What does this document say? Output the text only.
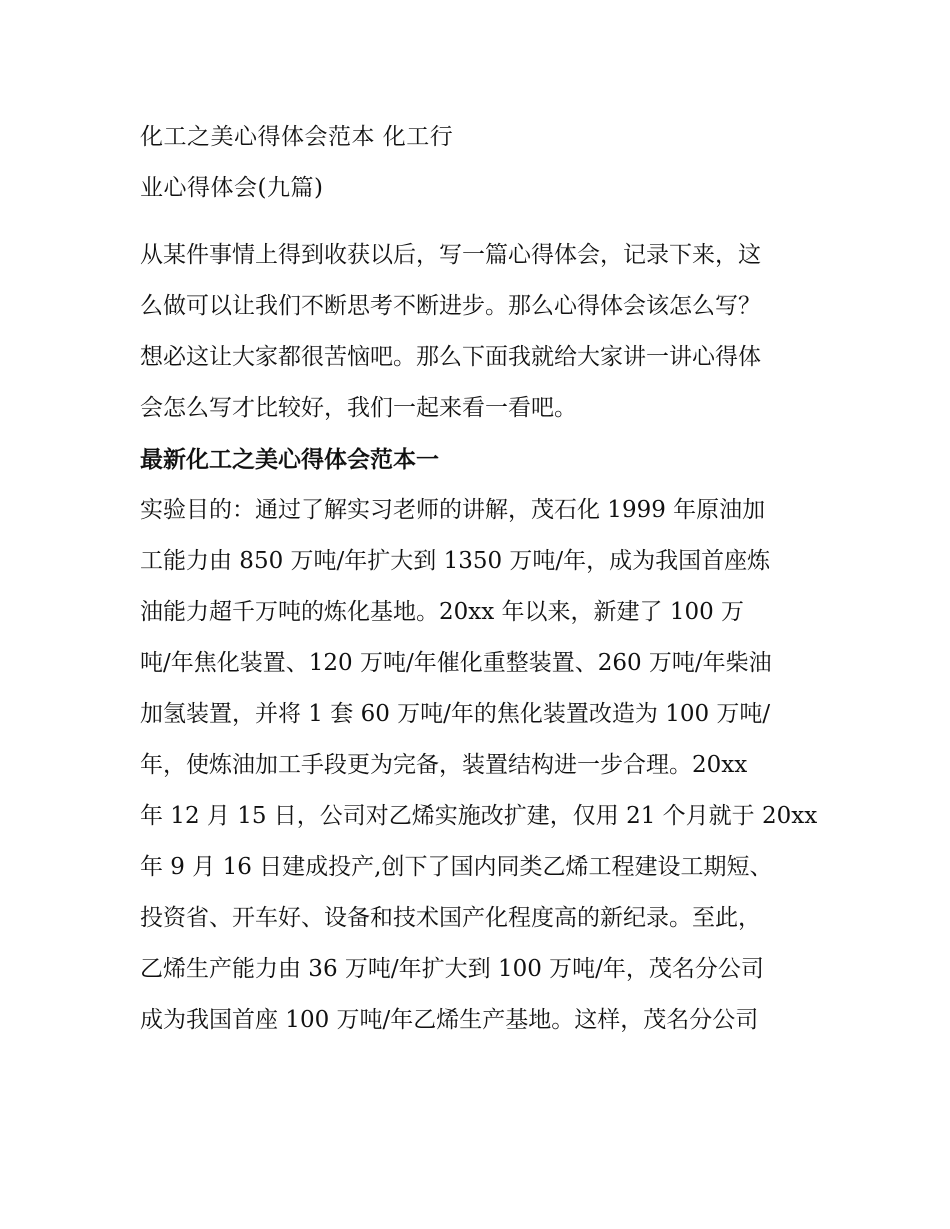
化工之美心得体会范本 化工行
业心得体会(九篇)

从某件事情上得到收获以后，写一篇心得体会，记录下来，这
么做可以让我们不断思考不断进步。那么心得体会该怎么写？
想必这让大家都很苦恼吧。那么下面我就给大家讲一讲心得体
会怎么写才比较好，我们一起来看一看吧。

最新化工之美心得体会范本一

实验目的：通过了解实习老师的讲解，茂石化 1999 年原油加
工能力由 850 万吨/年扩大到 1350 万吨/年，成为我国首座炼
油能力超千万吨的炼化基地。20xx 年以来，新建了 100 万
吨/年焦化装置、120 万吨/年催化重整装置、260 万吨/年柴油
加氢装置，并将 1 套 60 万吨/年的焦化装置改造为 100 万吨/
年，使炼油加工手段更为完备，装置结构进一步合理。20xx
年 12 月 15 日，公司对乙烯实施改扩建，仅用 21 个月就于 20xx
年 9 月 16 日建成投产,创下了国内同类乙烯工程建设工期短、
投资省、开车好、设备和技术国产化程度高的新纪录。至此，
乙烯生产能力由 36 万吨/年扩大到 100 万吨/年，茂名分公司
成为我国首座 100 万吨/年乙烯生产基地。这样，茂名分公司
